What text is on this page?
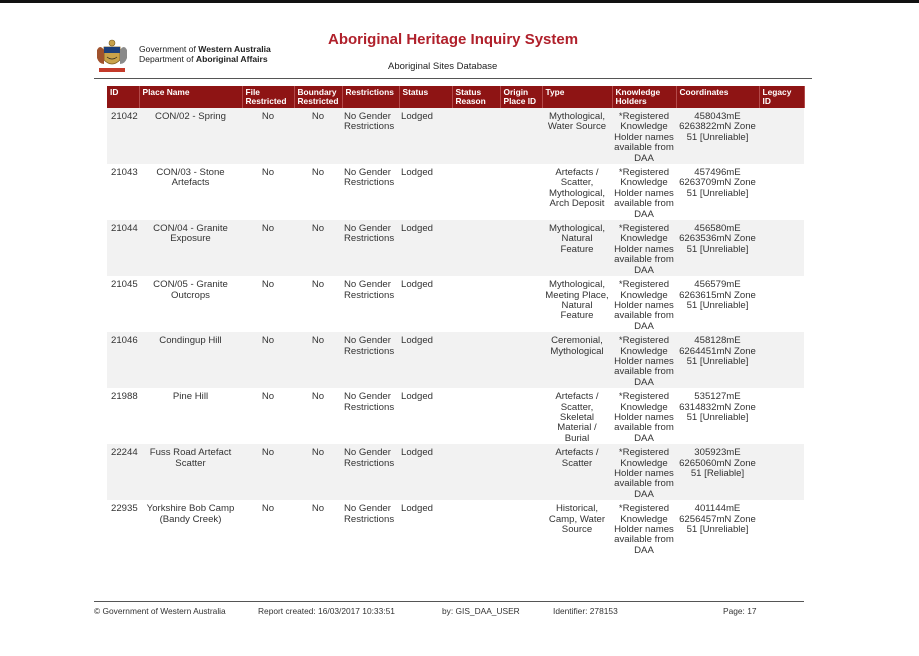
Government of Western Australia
Department of Aboriginal Affairs
Aboriginal Heritage Inquiry System
Aboriginal Sites Database
ID	Place Name	File Restricted	Boundary Restricted	Restrictions	Status	Status Reason	Origin Place ID	Type	Knowledge Holders	Coordinates	Legacy ID
21042	CON/02 - Spring	No	No	No Gender Restrictions	Lodged			Mythological, Water Source	*Registered Knowledge Holder names available from DAA	458043mE 6263822mN Zone 51 [Unreliable]	
21043	CON/03 - Stone Artefacts	No	No	No Gender Restrictions	Lodged			Artefacts / Scatter, Mythological, Arch Deposit	*Registered Knowledge Holder names available from DAA	457496mE 6263709mN Zone 51 [Unreliable]	
21044	CON/04 - Granite Exposure	No	No	No Gender Restrictions	Lodged			Mythological, Natural Feature	*Registered Knowledge Holder names available from DAA	456580mE 6263536mN Zone 51 [Unreliable]	
21045	CON/05 - Granite Outcrops	No	No	No Gender Restrictions	Lodged			Mythological, Meeting Place, Natural Feature	*Registered Knowledge Holder names available from DAA	456579mE 6263615mN Zone 51 [Unreliable]	
21046	Condingup Hill	No	No	No Gender Restrictions	Lodged			Ceremonial, Mythological	*Registered Knowledge Holder names available from DAA	458128mE 6264451mN Zone 51 [Unreliable]	
21988	Pine Hill	No	No	No Gender Restrictions	Lodged			Artefacts / Scatter, Skeletal Material / Burial	*Registered Knowledge Holder names available from DAA	535127mE 6314832mN Zone 51 [Unreliable]	
22244	Fuss Road Artefact Scatter	No	No	No Gender Restrictions	Lodged			Artefacts / Scatter	*Registered Knowledge Holder names available from DAA	305923mE 6265060mN Zone 51 [Reliable]	
22935	Yorkshire Bob Camp (Bandy Creek)	No	No	No Gender Restrictions	Lodged			Historical, Camp, Water Source	*Registered Knowledge Holder names available from DAA	401144mE 6256457mN Zone 51 [Unreliable]	
© Government of Western Australia	Report created: 16/03/2017 10:33:51	by: GIS_DAA_USER	Identifier: 278153	Page: 17
